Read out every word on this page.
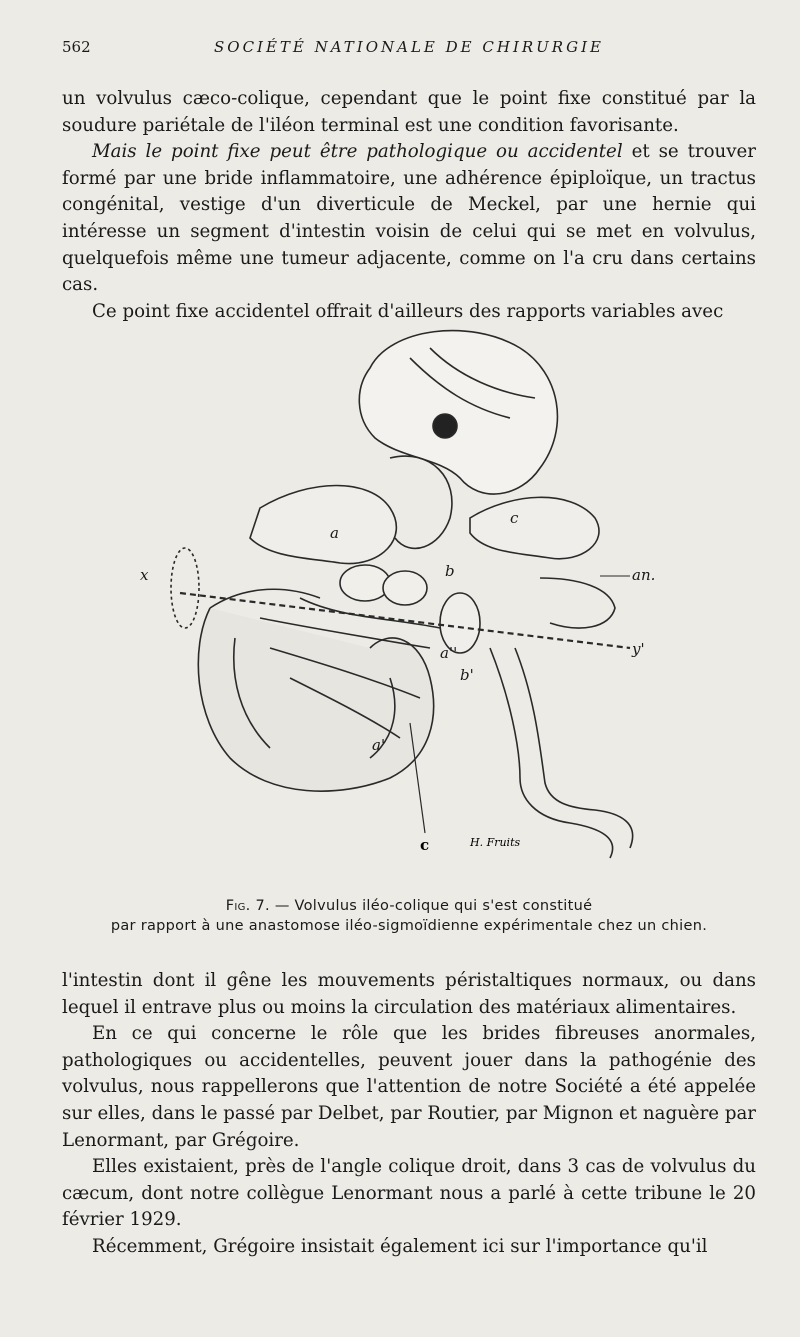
562	SOCIÉTÉ NATIONALE DE CHIRURGIE

un volvulus cæco-colique, cependant que le point fixe constitué par la soudure pariétale de l'iléon terminal est une condition favorisante.

Mais le point fixe peut être pathologique ou accidentel et se trouver formé par une bride inflammatoire, une adhérence épiploïque, un tractus congénital, vestige d'un diverticule de Meckel, par une hernie qui intéresse un segment d'intestin voisin de celui qui se met en volvulus, quelquefois même une tumeur adjacente, comme on l'a cru dans certains cas.

Ce point fixe accidentel offrait d'ailleurs des rapports variables avec

a
c
b
a''
b'
a'
x
y'
an.
c	H. Fruits
Fig. 7. — Volvulus iléo-colique qui s'est constitué
par rapport à une anastomose iléo-sigmoïdienne expérimentale chez un chien.

l'intestin dont il gêne les mouvements péristaltiques normaux, ou dans lequel il entrave plus ou moins la circulation des matériaux alimentaires.

En ce qui concerne le rôle que les brides fibreuses anormales, pathologiques ou accidentelles, peuvent jouer dans la pathogénie des volvulus, nous rappellerons que l'attention de notre Société a été appelée sur elles, dans le passé par Delbet, par Routier, par Mignon et naguère par Lenormant, par Grégoire.

Elles existaient, près de l'angle colique droit, dans 3 cas de volvulus du cæcum, dont notre collègue Lenormant nous a parlé à cette tribune le 20 février 1929.

Récemment, Grégoire insistait également ici sur l'importance qu'il
